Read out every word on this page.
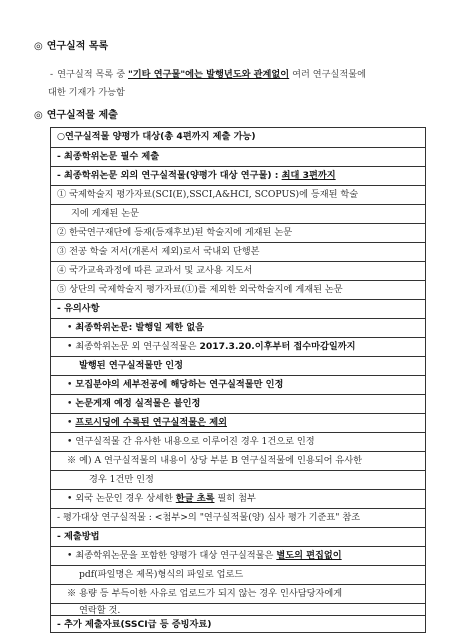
◎ 연구실적 목록
- 연구실적 목록 중 "기타 연구물"에는 발행년도와 관계없이 여러 연구실적물에
대한 기재가 가능함
◎ 연구실적물 제출
○연구실적물 양평가 대상(총 4편까지 제출 가능)
- 최종학위논문 필수 제출
- 최종학위논문 외의 연구실적물(양평가 대상 연구물) : 최대 3편까지
① 국제학술지 평가자료(SCI(E),SSCI,A&HCI, SCOPUS)에 등재된 학술
지에 게재된 논문
② 한국연구재단에 등재(등재후보)된 학술지에 게재된 논문
③ 전공 학술 저서(개론서 제외)로서 국내외 단행본
④ 국가교육과정에 따른 교과서 및 교사용 지도서
⑤ 상단의 국제학술지 평가자료(①)를 제외한 외국학술지에 게재된 논문
- 유의사항
• 최종학위논문: 발행일 제한 없음
• 최종학위논문 외 연구실적물은 2017.3.20.이후부터 접수마감일까지
발행된 연구실적물만 인정
• 모집분야의 세부전공에 해당하는 연구실적물만 인정
• 논문게재 예정 실적물은 불인정
• 프로시딩에 수록된 연구실적물은 제외
• 연구실적물 간 유사한 내용으로 이루어진 경우 1건으로 인정
※ 예) A 연구실적물의 내용이 상당 부분 B 연구실적물에 인용되어 유사한
경우 1건만 인정
• 외국 논문인 경우 상세한 한글 초록 필히 첨부
- 평가대상 연구실적물 : <첨부>의 "연구실적물(양) 심사 평가 기준표" 참조
- 제출방법
• 최종학위논문을 포함한 양평가 대상 연구실적물은 별도의 편집없이
pdf(파일명은 제목)형식의 파일로 업로드
※ 용량 등 부득이한 사유로 업로드가 되지 않는 경우 인사담당자에게
연락할 것.
- 추가 제출자료(SSCI급 등 증빙자료)
